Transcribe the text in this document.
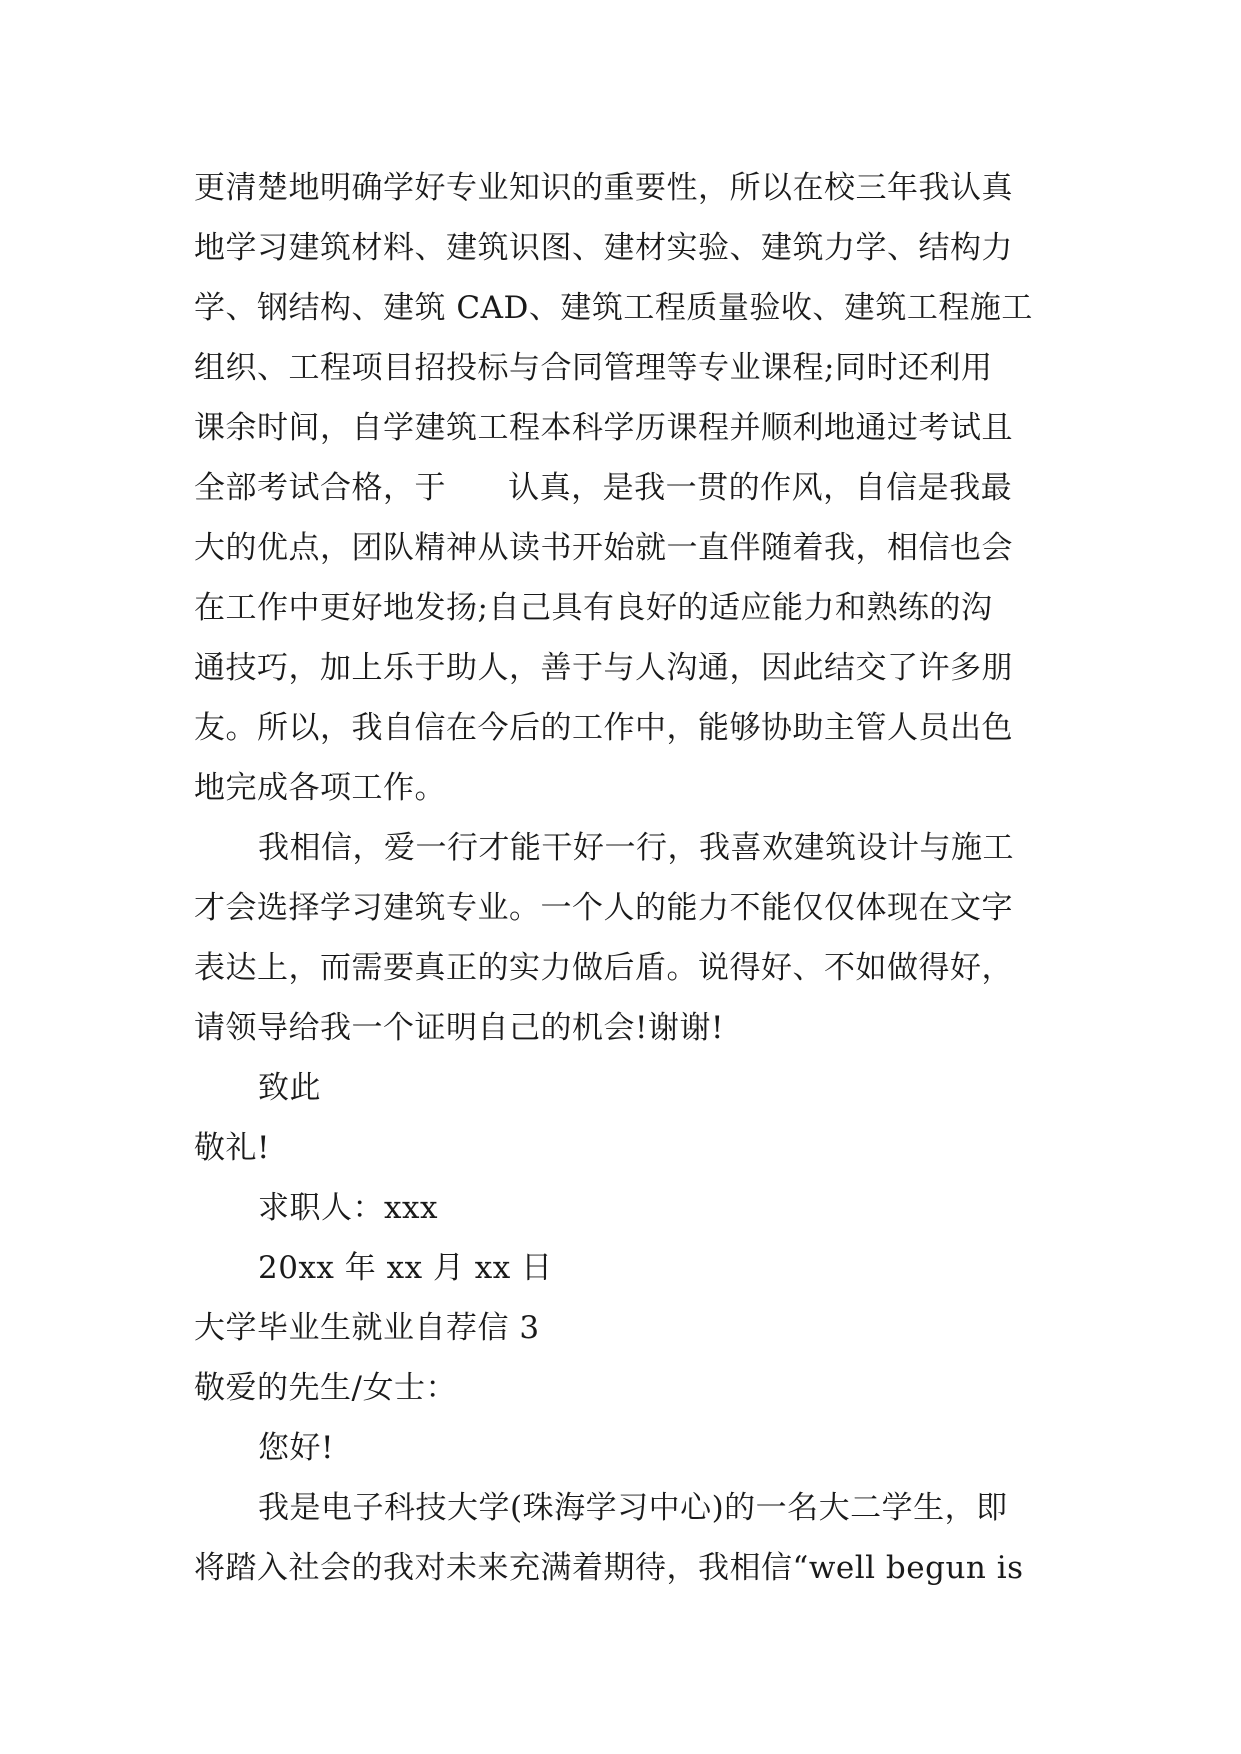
更清楚地明确学好专业知识的重要性，所以在校三年我认真
地学习建筑材料、建筑识图、建材实验、建筑力学、结构力
学、钢结构、建筑 CAD、建筑工程质量验收、建筑工程施工
组织、工程项目招投标与合同管理等专业课程;同时还利用
课余时间，自学建筑工程本科学历课程并顺利地通过考试且
全部考试合格，于      认真，是我一贯的作风，自信是我最
大的优点，团队精神从读书开始就一直伴随着我，相信也会
在工作中更好地发扬;自己具有良好的适应能力和熟练的沟
通技巧，加上乐于助人，善于与人沟通，因此结交了许多朋
友。所以，我自信在今后的工作中，能够协助主管人员出色
地完成各项工作。
我相信，爱一行才能干好一行，我喜欢建筑设计与施工
才会选择学习建筑专业。一个人的能力不能仅仅体现在文字
表达上，而需要真正的实力做后盾。说得好、不如做得好，
请领导给我一个证明自己的机会!谢谢!
致此
敬礼!
求职人：xxx
20xx 年 xx 月 xx 日
大学毕业生就业自荐信 3
敬爱的先生/女士：
您好!
我是电子科技大学(珠海学习中心)的一名大二学生，即
将踏入社会的我对未来充满着期待，我相信“well begun is
